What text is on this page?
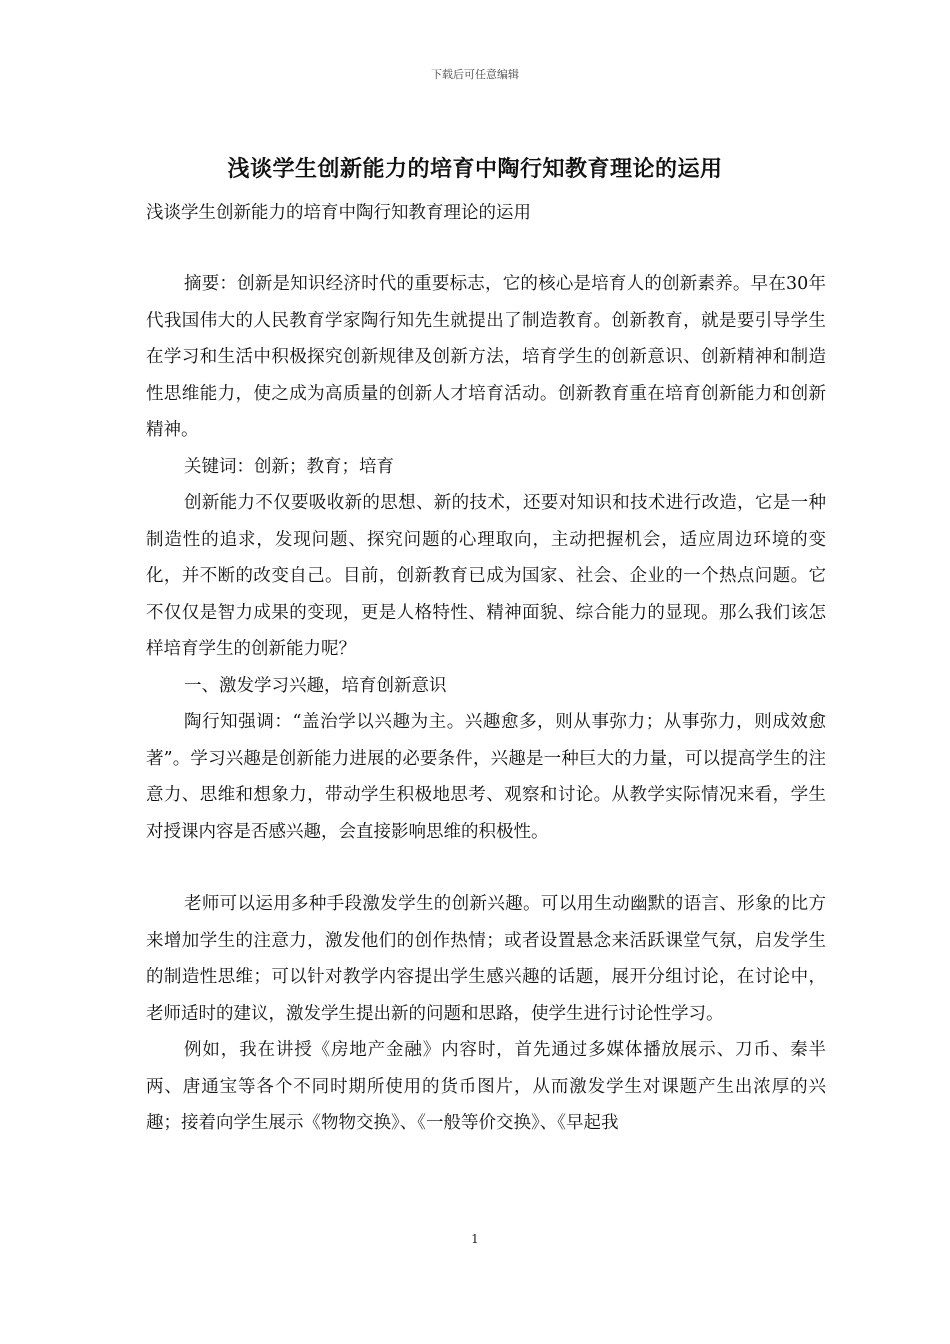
下载后可任意编辑
浅谈学生创新能力的培育中陶行知教育理论的运用
浅谈学生创新能力的培育中陶行知教育理论的运用

摘要：创新是知识经济时代的重要标志，它的核心是培育人的创新素养。早在30年代我国伟大的人民教育学家陶行知先生就提出了制造教育。创新教育，就是要引导学生在学习和生活中积极探究创新规律及创新方法，培育学生的创新意识、创新精神和制造性思维能力，使之成为高质量的创新人才培育活动。创新教育重在培育创新能力和创新精神。

关键词：创新；教育；培育

创新能力不仅要吸收新的思想、新的技术，还要对知识和技术进行改造，它是一种制造性的追求，发现问题、探究问题的心理取向，主动把握机会，适应周边环境的变化，并不断的改变自己。目前，创新教育已成为国家、社会、企业的一个热点问题。它不仅仅是智力成果的变现，更是人格特性、精神面貌、综合能力的显现。那么我们该怎样培育学生的创新能力呢？

一、激发学习兴趣，培育创新意识

陶行知强调：“盖治学以兴趣为主。兴趣愈多，则从事弥力；从事弥力，则成效愈著”。学习兴趣是创新能力进展的必要条件，兴趣是一种巨大的力量，可以提高学生的注意力、思维和想象力，带动学生积极地思考、观察和讨论。从教学实际情况来看，学生对授课内容是否感兴趣，会直接影响思维的积极性。

老师可以运用多种手段激发学生的创新兴趣。可以用生动幽默的语言、形象的比方来增加学生的注意力，激发他们的创作热情；或者设置悬念来活跃课堂气氛，启发学生的制造性思维；可以针对教学内容提出学生感兴趣的话题，展开分组讨论，在讨论中，老师适时的建议，激发学生提出新的问题和思路，使学生进行讨论性学习。

例如，我在讲授《房地产金融》内容时，首先通过多媒体播放展示、刀币、秦半两、唐通宝等各个不同时期所使用的货币图片，从而激发学生对课题产生出浓厚的兴趣；接着向学生展示《物物交换》、《一般等价交换》、《早起我

1
